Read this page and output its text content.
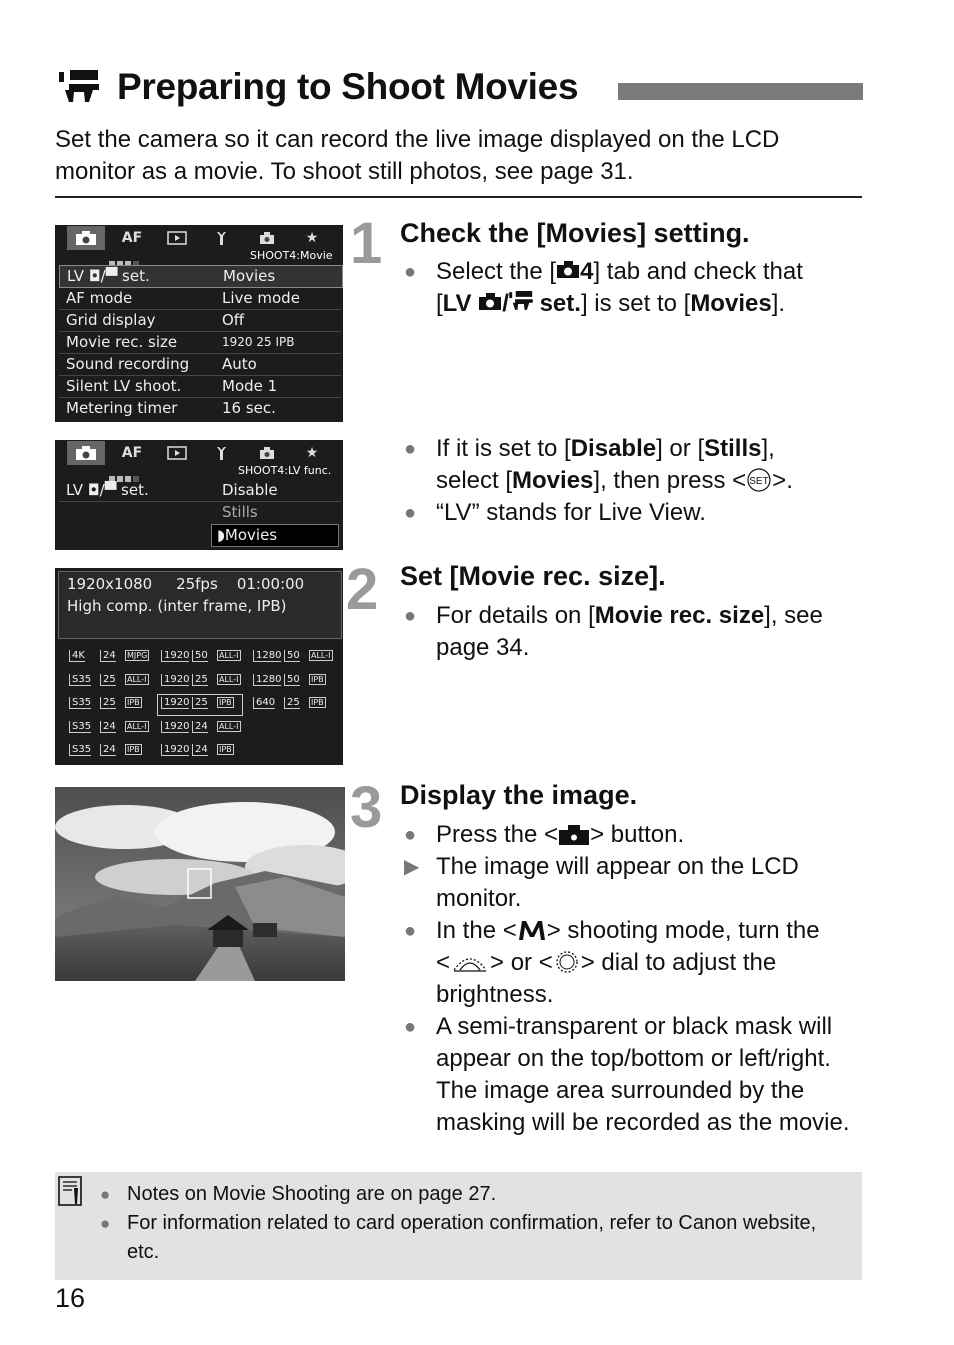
Preparing to Shoot Movies
Set the camera so it can record the live image displayed on the LCD monitor as a movie. To shoot still photos, see page 31.
AF	★
SHOOT4:Movie
LV ◘/▀ set.	Movies
AF mode	Live mode
Grid display	Off
Movie rec. size	1920 25 IPB
Sound recording Auto
Silent LV shoot.	Mode 1
Metering timer	16 sec.
AF	★
SHOOT4:LV func.
LV ◘/▀ set.	Disable
Stills
◗Movies
1920x1080     25fps    01:00:00
High comp. (inter frame, IPB)
4K	24 MJPG	1920 50 ALL-I	1280 50 ALL-I
S35	25 ALL-I	1920 25 ALL-I	1280 50 IPB
S35	25 IPB	1920 25 IPB	640	25 IPB
S35	24 ALL-I	1920 24 ALL-I
S35	24 IPB	1920 24 IPB
1 Check the [Movies] setting.
● Select the [ 4] tab and check that
[LV / set.] is set to [Movies].
● If it is set to [Disable] or [Stills],
select [Movies], then press < SET >.
● “LV” stands for Live View.
2 Set [Movie rec. size].
● For details on [Movie rec. size], see page 34.
3 Display the image.
● Press the < > button.
▶ The image will appear on the LCD monitor.
● In the < > shooting mode, turn the
< > or < > dial to adjust the brightness.
● A semi-transparent or black mask will appear on the top/bottom or left/right. The image area surrounded by the masking will be recorded as the movie.
● Notes on Movie Shooting are on page 27.
● For information related to card operation confirmation, refer to Canon website, etc.
16
